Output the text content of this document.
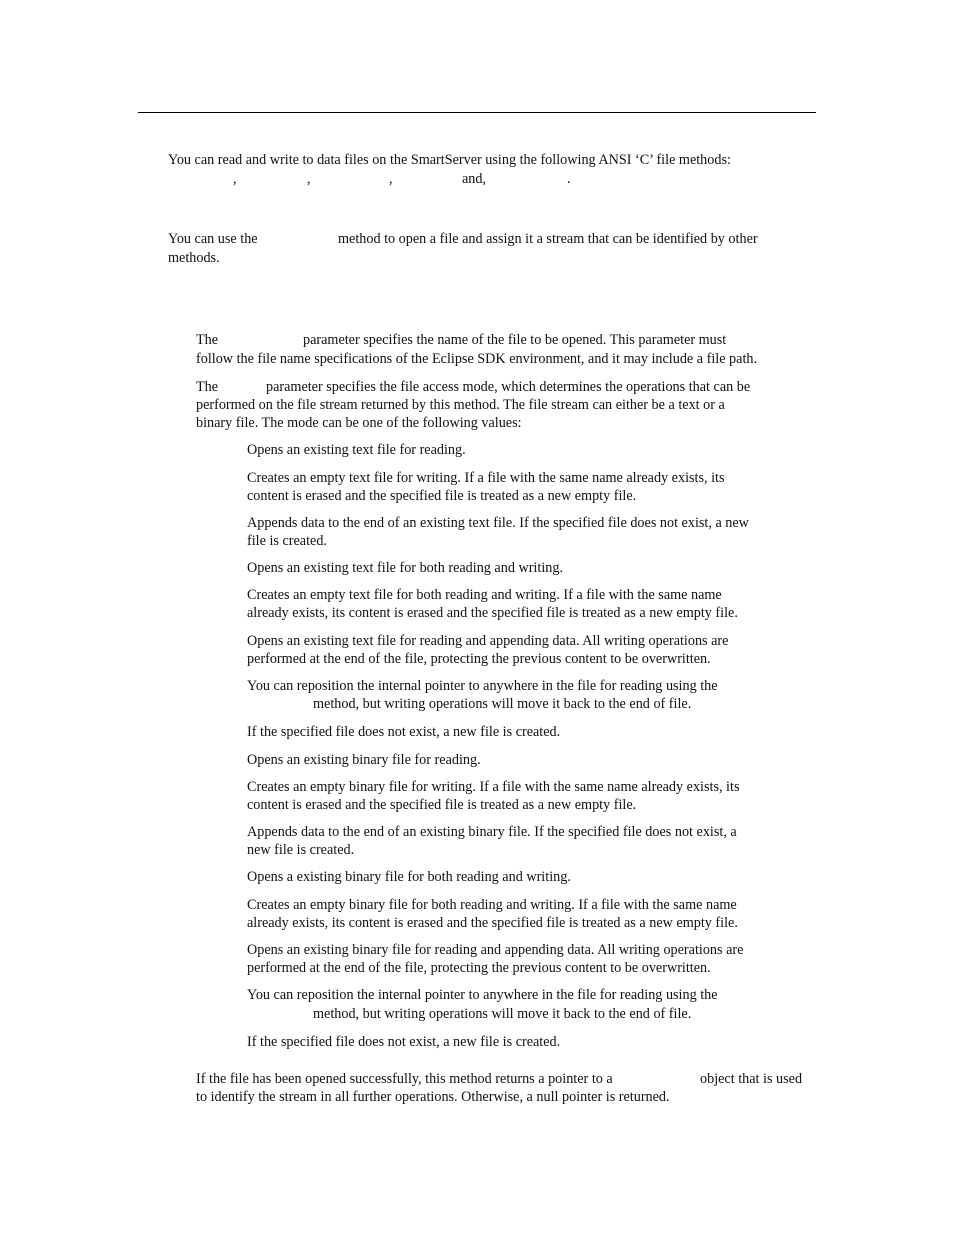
You can read and write to data files on the SmartServer using the following ANSI ‘C’ file methods:
,	,	,	and,	.
You can use the	method to open a file and assign it a stream that can be identified by other
methods.
The	parameter specifies the name of the file to be opened. This parameter must
follow the file name specifications of the Eclipse SDK environment, and it may include a file path.
The	parameter specifies the file access mode, which determines the operations that can be
performed on the file stream returned by this method. The file stream can either be a text or a
binary file. The mode can be one of the following values:
Opens an existing text file for reading.
Creates an empty text file for writing. If a file with the same name already exists, its
content is erased and the specified file is treated as a new empty file.
Appends data to the end of an existing text file. If the specified file does not exist, a new
file is created.
Opens an existing text file for both reading and writing.
Creates an empty text file for both reading and writing. If a file with the same name
already exists, its content is erased and the specified file is treated as a new empty file.
Opens an existing text file for reading and appending data. All writing operations are
performed at the end of the file, protecting the previous content to be overwritten.
You can reposition the internal pointer to anywhere in the file for reading using the
method, but writing operations will move it back to the end of file.
If the specified file does not exist, a new file is created.
Opens an existing binary file for reading.
Creates an empty binary file for writing. If a file with the same name already exists, its
content is erased and the specified file is treated as a new empty file.
Appends data to the end of an existing binary file. If the specified file does not exist, a
new file is created.
Opens a existing binary file for both reading and writing.
Creates an empty binary file for both reading and writing. If a file with the same name
already exists, its content is erased and the specified file is treated as a new empty file.
Opens an existing binary file for reading and appending data. All writing operations are
performed at the end of the file, protecting the previous content to be overwritten.
You can reposition the internal pointer to anywhere in the file for reading using the
method, but writing operations will move it back to the end of file.
If the specified file does not exist, a new file is created.
If the file has been opened successfully, this method returns a pointer to a	object that is used
to identify the stream in all further operations. Otherwise, a null pointer is returned.
